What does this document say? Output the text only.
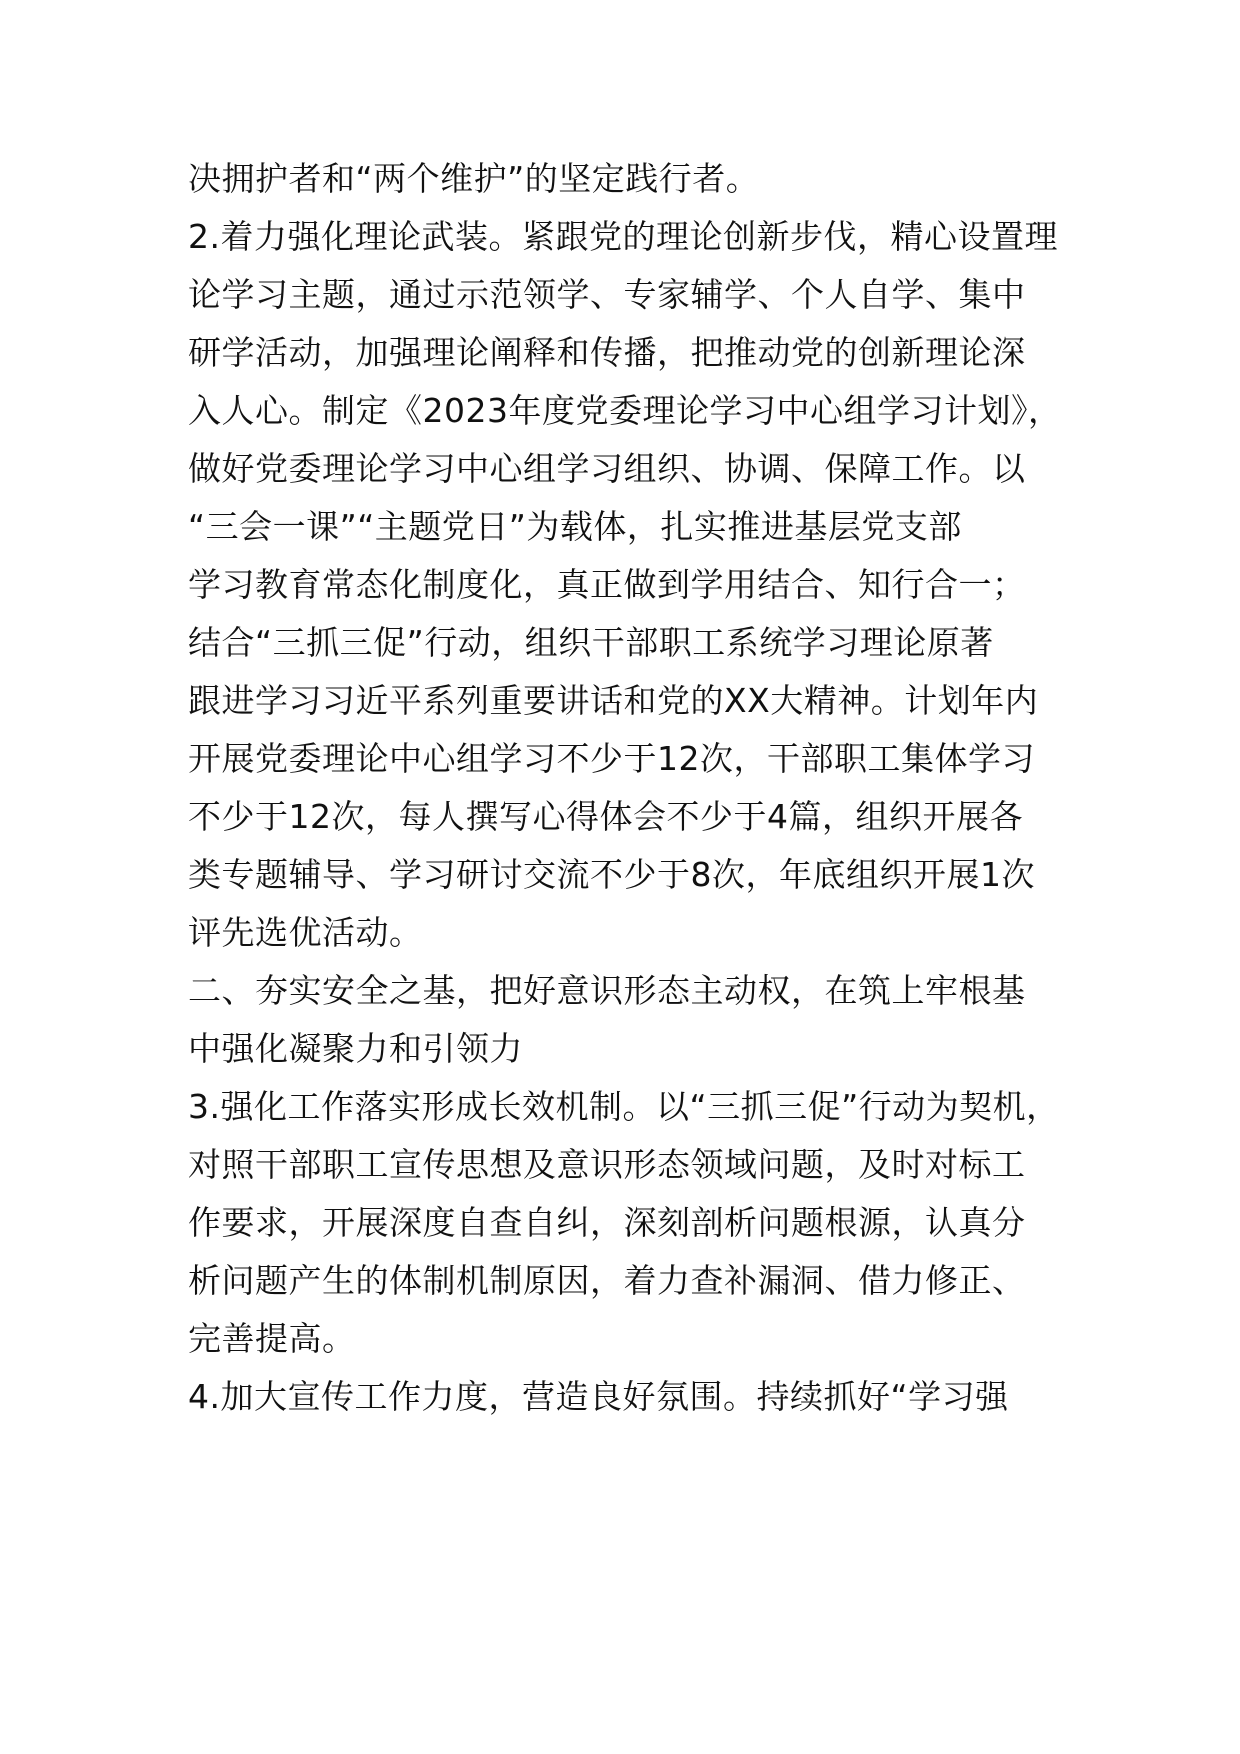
决拥护者和“两个维护”的坚定践行者。
2.着力强化理论武装。紧跟党的理论创新步伐，精心设置理
论学习主题，通过示范领学、专家辅学、个人自学、集中
研学活动，加强理论阐释和传播，把推动党的创新理论深
入人心。制定《2023年度党委理论学习中心组学习计划》，
做好党委理论学习中心组学习组织、协调、保障工作。以
“三会一课”“主题党日”为载体，扎实推进基层党支部
学习教育常态化制度化，真正做到学用结合、知行合一；
结合“三抓三促”行动，组织干部职工系统学习理论原著
跟进学习习近平系列重要讲话和党的XX大精神。计划年内
开展党委理论中心组学习不少于12次，干部职工集体学习
不少于12次，每人撰写心得体会不少于4篇，组织开展各
类专题辅导、学习研讨交流不少于8次，年底组织开展1次
评先选优活动。
二、夯实安全之基，把好意识形态主动权，在筑上牢根基
中强化凝聚力和引领力
3.强化工作落实形成长效机制。以“三抓三促”行动为契机，
对照干部职工宣传思想及意识形态领域问题，及时对标工
作要求，开展深度自查自纠，深刻剖析问题根源，认真分
析问题产生的体制机制原因，着力查补漏洞、借力修正、
完善提高。
4.加大宣传工作力度，营造良好氛围。持续抓好“学习强
